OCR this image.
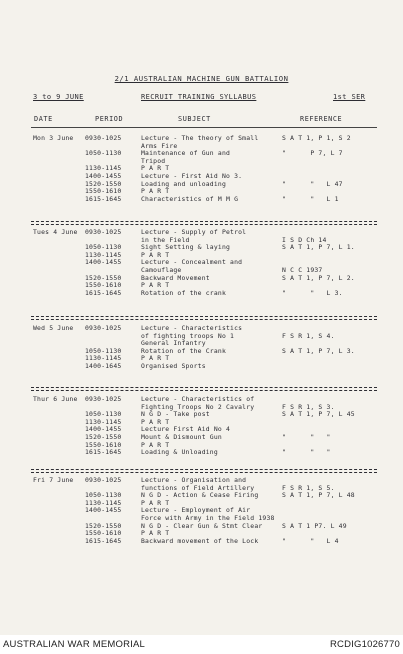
2/1 AUSTRALIAN MACHINE GUN BATTALION
3 to 9 JUNE	RECRUIT TRAINING SYLLABUS	1st SER
DATE	PERIOD	SUBJECT	REFERENCE
Mon 3 June 0930-1025	Lecture - The theory of Small	S A T 1, P 1, S 2
Arms Fire
1050-1130	Maintenance of Gun and	"      P 7, L 7
Tripod
1130-1145	P A R T
1400-1455	Lecture - First Aid No 3.
1520-1550	Loading and unloading	"      "   L 47
1550-1610	P A R T
1615-1645	Characteristics of M M G	"      "   L 1
Tues 4 June 0930-1025	Lecture - Supply of Petrol
in the Field	I S D Ch 14
1050-1130	Sight Setting & laying	S A T 1, P 7, L 1.
1130-1145	P A R T
1400-1455	Lecture - Concealment and
Camouflage	N C C 1937
1520-1550	Backward Movement	S A T 1, P 7, L 2.
1550-1610	P A R T
1615-1645	Rotation of the crank	"      "   L 3.
Wed 5 June 0930-1025	Lecture - Characteristics
of fighting troops No 1	F S R 1, S 4.
General Infantry
1050-1130	Rotation of the Crank	S A T 1, P 7, L 3.
1130-1145	P A R T
1400-1645	Organised Sports
Thur 6 June 0930-1025	Lecture - Characteristics of
Fighting Troops No 2 Cavalry	F S R 1, S 3.
1050-1130	N G D - Take post	S A T 1, P 7, L 45
1130-1145	P A R T
1400-1455	Lecture First Aid No 4
1520-1550	Mount & Dismount Gun	"      "   "
1550-1610	P A R T
1615-1645	Loading & Unloading	"      "   "
Fri 7 June 0930-1025	Lecture - Organisation and
functions of Field Artillery	F S R 1, S 5.
1050-1130	N G D - Action & Cease Firing	S A T 1, P 7, L 48
1130-1145	P A R T
1400-1455	Lecture - Employment of Air
Force with Army in the Field 1938
1520-1550	N G D - Clear Gun & Stmt Clear	S A T 1 P7. L 49
1550-1610	P A R T
1615-1645	Backward movement of the Lock	"      "   L 4
AUSTRALIAN WAR MEMORIAL	RCDIG1026770
